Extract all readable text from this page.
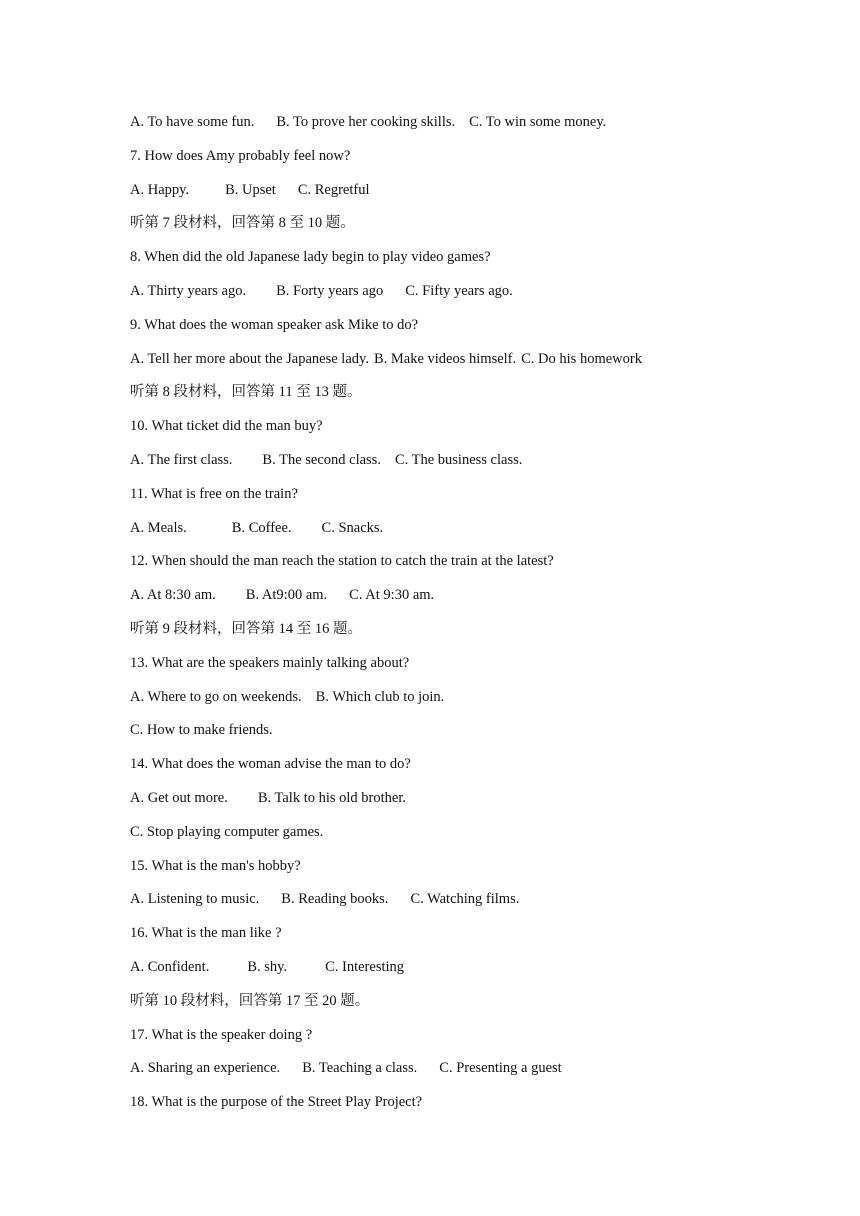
A. To have some fun. B. To prove her cooking skills. C. To win some money.
7. How does Amy probably feel now?
A. Happy. B. Upset C. Regretful
听第 7 段材料，回答第 8 至 10 题。
8. When did the old Japanese lady begin to play video games?
A. Thirty years ago. B. Forty years ago C. Fifty years ago.
9. What does the woman speaker ask Mike to do?
A. Tell her more about the Japanese lady. B. Make videos himself. C. Do his homework
听第 8 段材料，回答第 11 至 13 题。
10. What ticket did the man buy?
A. The first class. B. The second class. C. The business class.
11. What is free on the train?
A. Meals.	B. Coffee. C. Snacks.
12. When should the man reach the station to catch the train at the latest?
A. At 8:30 am. B. At9:00 am. C. At 9:30 am.
听第 9 段材料，回答第 14 至 16 题。
13. What are the speakers mainly talking about?
A. Where to go on weekends. B. Which club to join.
C. How to make friends.
14. What does the woman advise the man to do?
A. Get out more. B. Talk to his old brother.
C. Stop playing computer games.
15. What is the man's hobby?
A. Listening to music. B. Reading books. C. Watching films.
16. What is the man like ?
A. Confident.	B. shy.	C. Interesting
听第 10 段材料，回答第 17 至 20 题。
17. What is the speaker doing ?
A. Sharing an experience. B. Teaching a class. C. Presenting a guest
18. What is the purpose of the Street Play Project?
